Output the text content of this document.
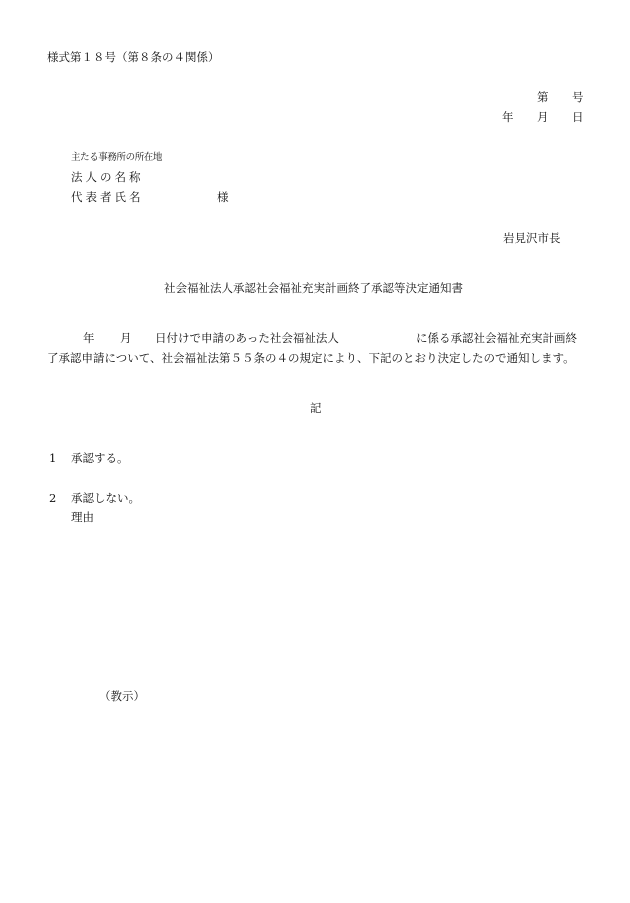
様式第１８号（第８条の４関係）
第 号
年 月 日
主たる事務所の所在地
法人の名称
代表者氏名	様
岩見沢市長
社会福祉法人承認社会福祉充実計画終了承認等決定通知書
年 月 日付けで申請のあった社会福祉法人	に係る承認社会福祉充実計画終
了承認申請について、社会福祉法第５５条の４の規定により、下記のとおり決定したので通知します。
記
1 承認する。
2 承認しない。
理由
（教示）
